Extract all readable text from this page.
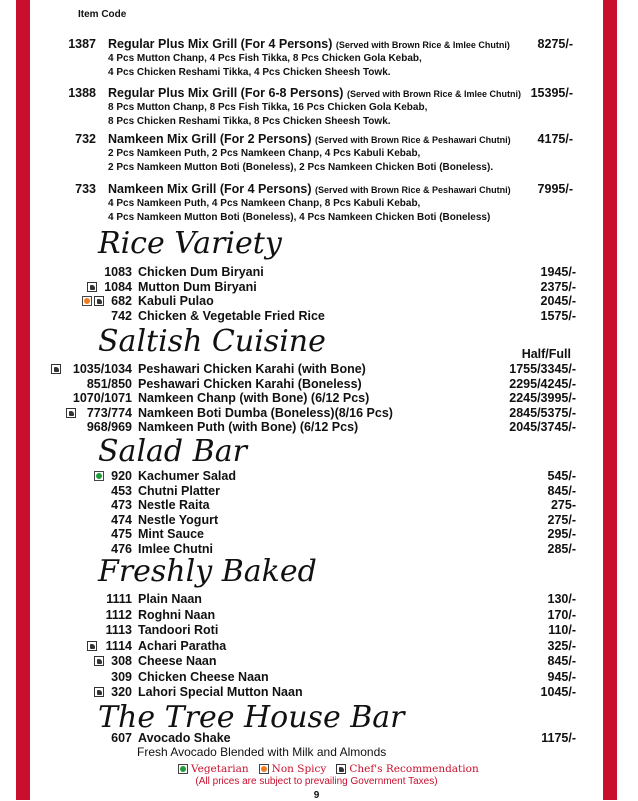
Item Code
1387 Regular Plus Mix Grill (For 4 Persons) (Served with Brown Rice & Imlee Chutni) 8275/-
4 Pcs Mutton Chanp, 4 Pcs Fish Tikka, 8 Pcs Chicken Gola Kebab,
4 Pcs Chicken Reshami Tikka, 4 Pcs Chicken Sheesh Towk.
1388 Regular Plus Mix Grill (For 6-8 Persons) (Served with Brown Rice & Imlee Chutni) 15395/-
8 Pcs Mutton Chanp, 8 Pcs Fish Tikka, 16 Pcs Chicken Gola Kebab,
8 Pcs Chicken Reshami Tikka, 8 Pcs Chicken Sheesh Towk.
732 Namkeen Mix Grill (For 2 Persons) (Served with Brown Rice & Peshawari Chutni) 4175/-
2 Pcs Namkeen Puth, 2 Pcs Namkeen Chanp, 4 Pcs Kabuli Kebab,
2 Pcs Namkeen Mutton Boti (Boneless), 2 Pcs Namkeen Chicken Boti (Boneless).
733 Namkeen Mix Grill (For 4 Persons) (Served with Brown Rice & Peshawari Chutni) 7995/-
4 Pcs Namkeen Puth, 4 Pcs Namkeen Chanp, 8 Pcs Kabuli Kebab,
4 Pcs Namkeen Mutton Boti (Boneless), 4 Pcs Namkeen Chicken Boti (Boneless)
Rice Variety
1083 Chicken Dum Biryani	1945/-
1084 Mutton Dum Biryani	2375/-
682 Kabuli Pulao	2045/-
742 Chicken & Vegetable Fried Rice	1575/-
Saltish Cuisine	Half/Full
1035/1034 Peshawari Chicken Karahi (with Bone)	1755/3345/-
851/850 Peshawari Chicken Karahi (Boneless)	2295/4245/-
1070/1071 Namkeen Chanp (with Bone) (6/12 Pcs)	2245/3995/-
773/774 Namkeen Boti Dumba (Boneless)(8/16 Pcs)	2845/5375/-
968/969 Namkeen Puth (with Bone) (6/12 Pcs)	2045/3745/-
Salad Bar
920 Kachumer Salad	545/-
453 Chutni Platter	845/-
473 Nestle Raita	275-
474 Nestle Yogurt	275/-
475 Mint Sauce	295/-
476 Imlee Chutni	285/-
Freshly Baked
1111 Plain Naan	130/-
1112 Roghni Naan	170/-
1113 Tandoori Roti	110/-
1114 Achari Paratha	325/-
308 Cheese Naan	845/-
309 Chicken Cheese Naan	945/-
320 Lahori Special Mutton Naan	1045/-
The Tree House Bar
607 Avocado Shake	1175/-
Fresh Avocado Blended with Milk and Almonds
Vegetarian Non Spicy Chef's Recommendation
(All prices are subject to prevailing Government Taxes)
9
